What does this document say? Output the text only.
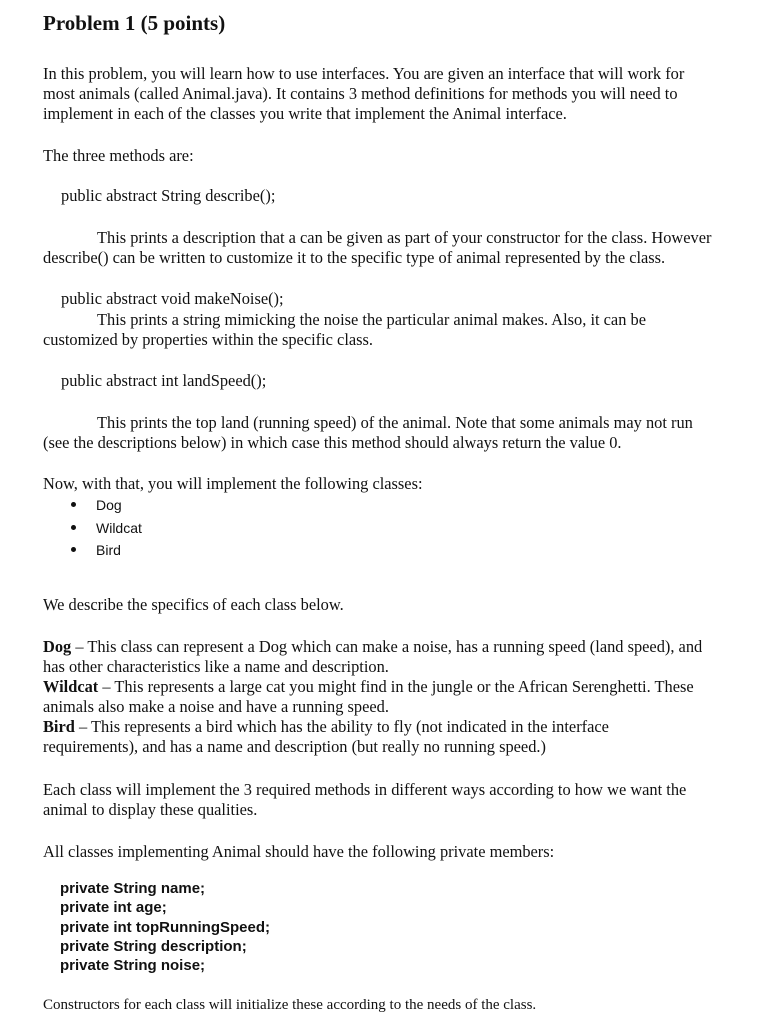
Problem 1 (5 points)
In this problem, you will learn how to use interfaces. You are given an interface that will work for
most animals (called Animal.java). It contains 3 method definitions for methods you will need to
implement in each of the classes you write that implement the Animal interface.
The three methods are:
public abstract String describe();
This prints a description that a can be given as part of your constructor for the class. However
describe() can be written to customize it to the specific type of animal represented by the class.
public abstract void makeNoise();
This prints a string mimicking the noise the particular animal makes. Also, it can be
customized by properties within the specific class.
public abstract int landSpeed();
This prints the top land (running speed) of the animal. Note that some animals may not run
(see the descriptions below) in which case this method should always return the value 0.
Now, with that, you will implement the following classes:
Dog
Wildcat
Bird
We describe the specifics of each class below.
Dog – This class can represent a Dog which can make a noise, has a running speed (land speed), and
has other characteristics like a name and description.
Wildcat – This represents a large cat you might find in the jungle or the African Serenghetti. These
animals also make a noise and have a running speed.
Bird – This represents a bird which has the ability to fly (not indicated in the interface
requirements), and has a name and description (but really no running speed.)
Each class will implement the 3 required methods in different ways according to how we want the
animal to display these qualities.
All classes implementing Animal should have the following private members:
private String name;
private int age;
private int topRunningSpeed;
private String description;
private String noise;
Constructors for each class will initialize these according to the needs of the class.
